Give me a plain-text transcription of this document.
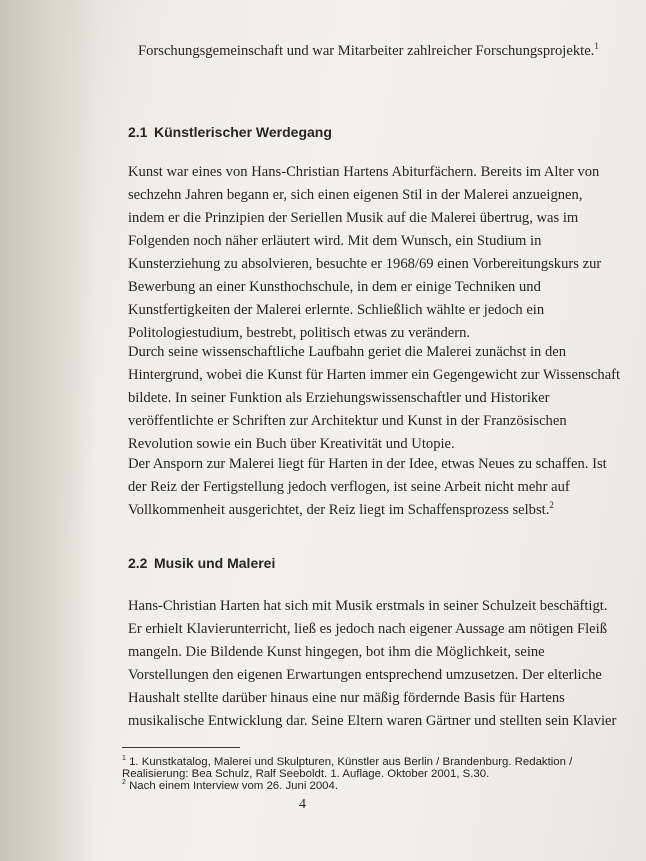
Forschungsgemeinschaft und war Mitarbeiter zahlreicher Forschungsprojekte.$^1$
2.1 Künstlerischer Werdegang
Kunst war eines von Hans-Christian Hartens Abiturfächern. Bereits im Alter von
sechzehn Jahren begann er, sich einen eigenen Stil in der Malerei anzueignen,
indem er die Prinzipien der Seriellen Musik auf die Malerei übertrug, was im
Folgenden noch näher erläutert wird. Mit dem Wunsch, ein Studium in
Kunsterziehung zu absolvieren, besuchte er 1968/69 einen Vorbereitungskurs zur
Bewerbung an einer Kunsthochschule, in dem er einige Techniken und
Kunstfertigkeiten der Malerei erlernte. Schließlich wählte er jedoch ein
Politologiestudium, bestrebt, politisch etwas zu verändern.
Durch seine wissenschaftliche Laufbahn geriet die Malerei zunächst in den
Hintergrund, wobei die Kunst für Harten immer ein Gegengewicht zur Wissenschaft
bildete. In seiner Funktion als Erziehungswissenschaftler und Historiker
veröffentlichte er Schriften zur Architektur und Kunst in der Französischen
Revolution sowie ein Buch über Kreativität und Utopie.
Der Ansporn zur Malerei liegt für Harten in der Idee, etwas Neues zu schaffen. Ist
der Reiz der Fertigstellung jedoch verflogen, ist seine Arbeit nicht mehr auf
Vollkommenheit ausgerichtet, der Reiz liegt im Schaffensprozess selbst.$^2$
2.2 Musik und Malerei
Hans-Christian Harten hat sich mit Musik erstmals in seiner Schulzeit beschäftigt.
Er erhielt Klavierunterricht, ließ es jedoch nach eigener Aussage am nötigen Fleiß
mangeln. Die Bildende Kunst hingegen, bot ihm die Möglichkeit, seine
Vorstellungen den eigenen Erwartungen entsprechend umzusetzen. Der elterliche
Haushalt stellte darüber hinaus eine nur mäßig fördernde Basis für Hartens
musikalische Entwicklung dar. Seine Eltern waren Gärtner und stellten sein Klavier
$^1$ 1. Kunstkatalog, Malerei und Skulpturen, Künstler aus Berlin / Brandenburg. Redaktion /
Realisierung: Bea Schulz, Ralf Seeboldt. 1. Auflage. Oktober 2001, S.30.
$^2$ Nach einem Interview vom 26. Juni 2004.
4
